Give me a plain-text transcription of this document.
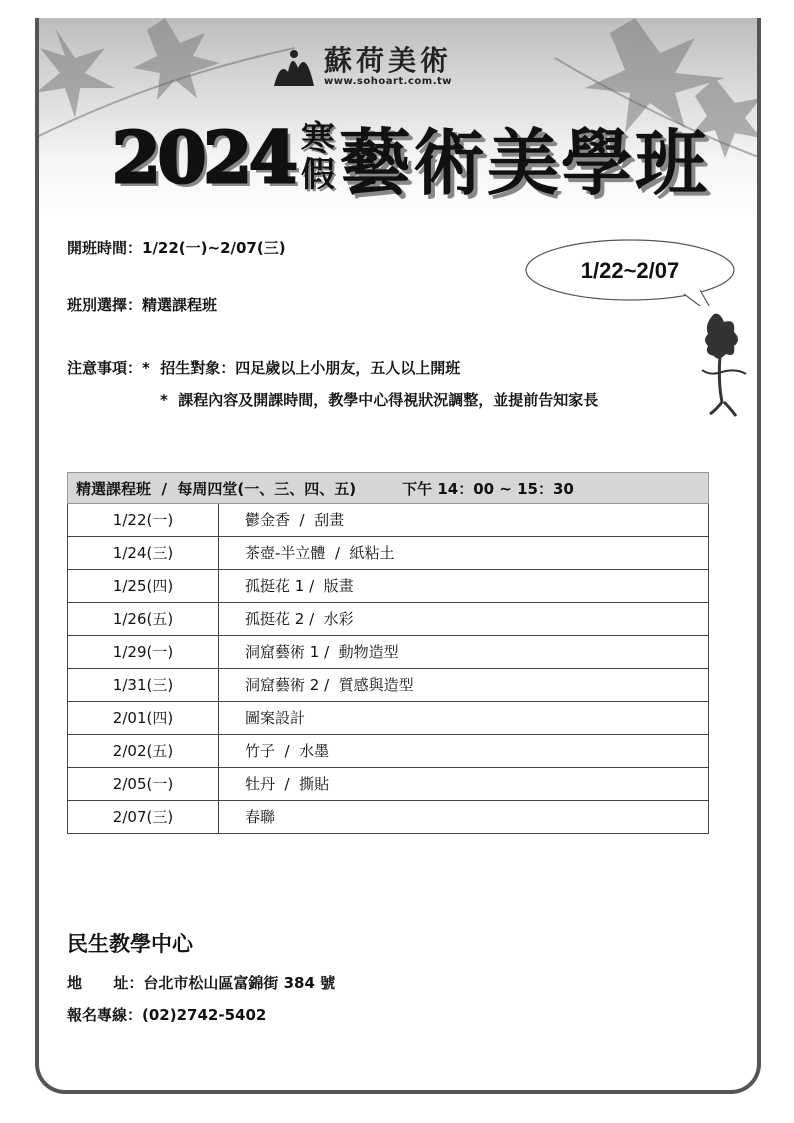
蘇荷美術
www.sohoart.com.tw
2024 寒
假 藝術美學班
開班時間：1/22(一)~2/07(三)
班別選擇：精選課程班
注意事項：*  招生對象：四足歲以上小朋友，五人以上開班
*  課程內容及開課時間，教學中心得視狀況調整，並提前告知家長
1/22~2/07
精選課程班  /  每周四堂(一、三、四、五)	下午 14：00 ~ 15：30
1/22(一)	鬱金香  /  刮畫
1/24(三)	茶壺-半立體  /  紙粘土
1/25(四)	孤挺花 1 /  版畫
1/26(五)	孤挺花 2 /  水彩
1/29(一)	洞窟藝術 1 /  動物造型
1/31(三)	洞窟藝術 2 /  質感與造型
2/01(四)	圖案設計
2/02(五)	竹子  /  水墨
2/05(一)	牡丹  /  撕貼
2/07(三)	春聯
民生教學中心
地      址：台北市松山區富錦街 384 號
報名專線：(02)2742-5402
